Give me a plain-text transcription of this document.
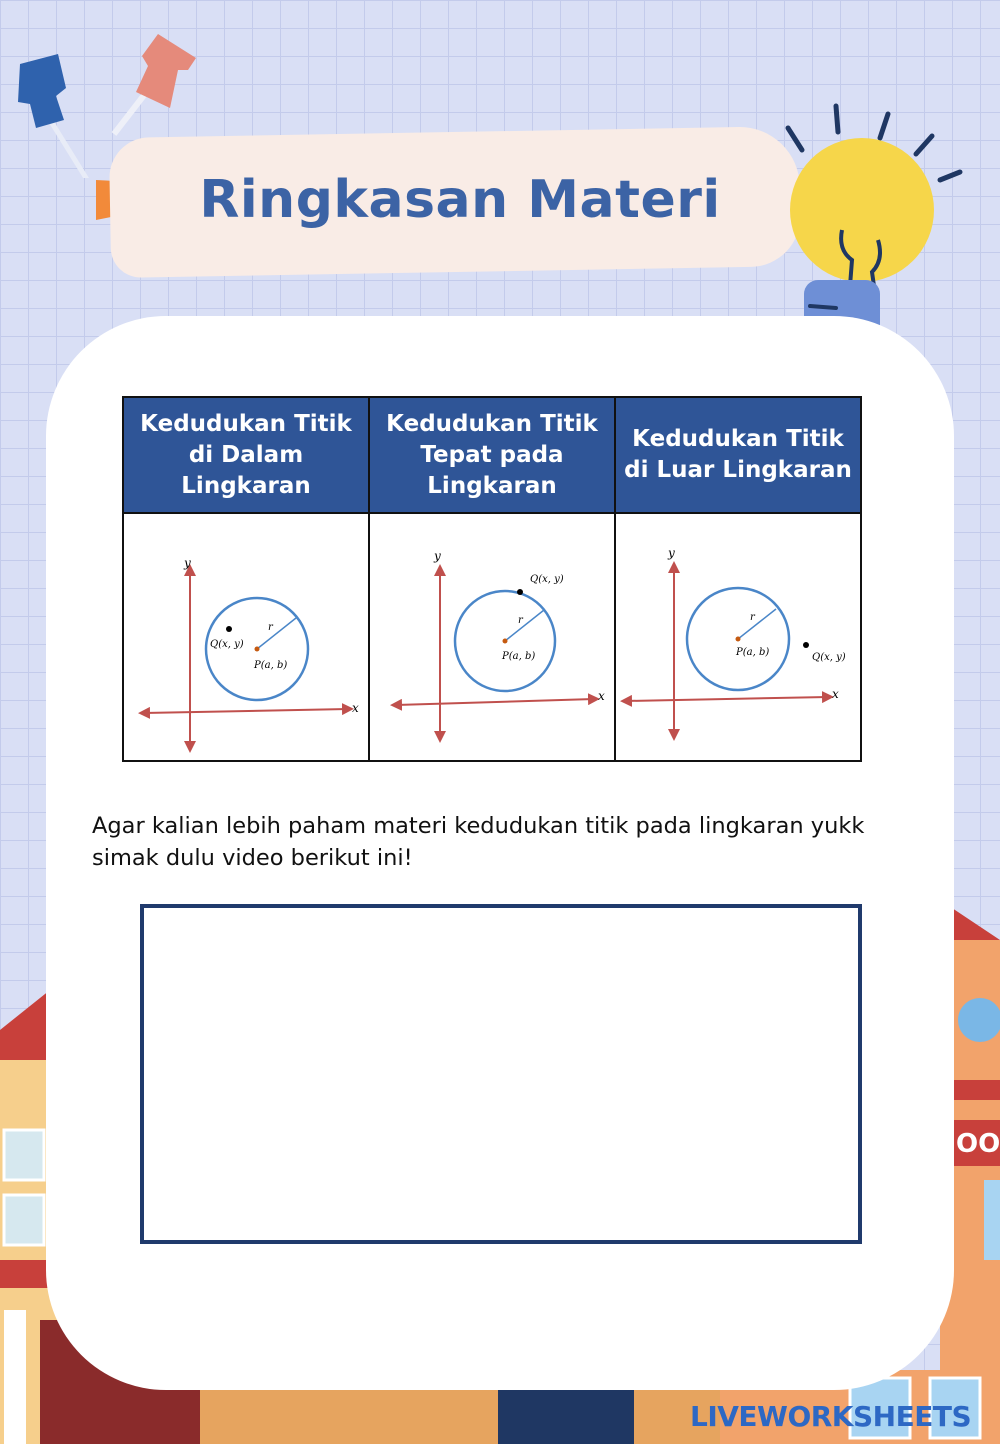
Ringkasan Materi
OO
Kedudukan Titik di Dalam Lingkaran	Kedudukan Titik Tepat pada Lingkaran	Kedudukan Titik di Luar Lingkaran

y
x
r
P(a, b)
Q(x, y)	y
x
r
P(a, b)
Q(x, y)	y
x
r
P(a, b) Q(x, y)
Agar kalian lebih paham materi kedudukan titik pada lingkaran yukk simak dulu video berikut ini!
LIVEWORKSHEETS
